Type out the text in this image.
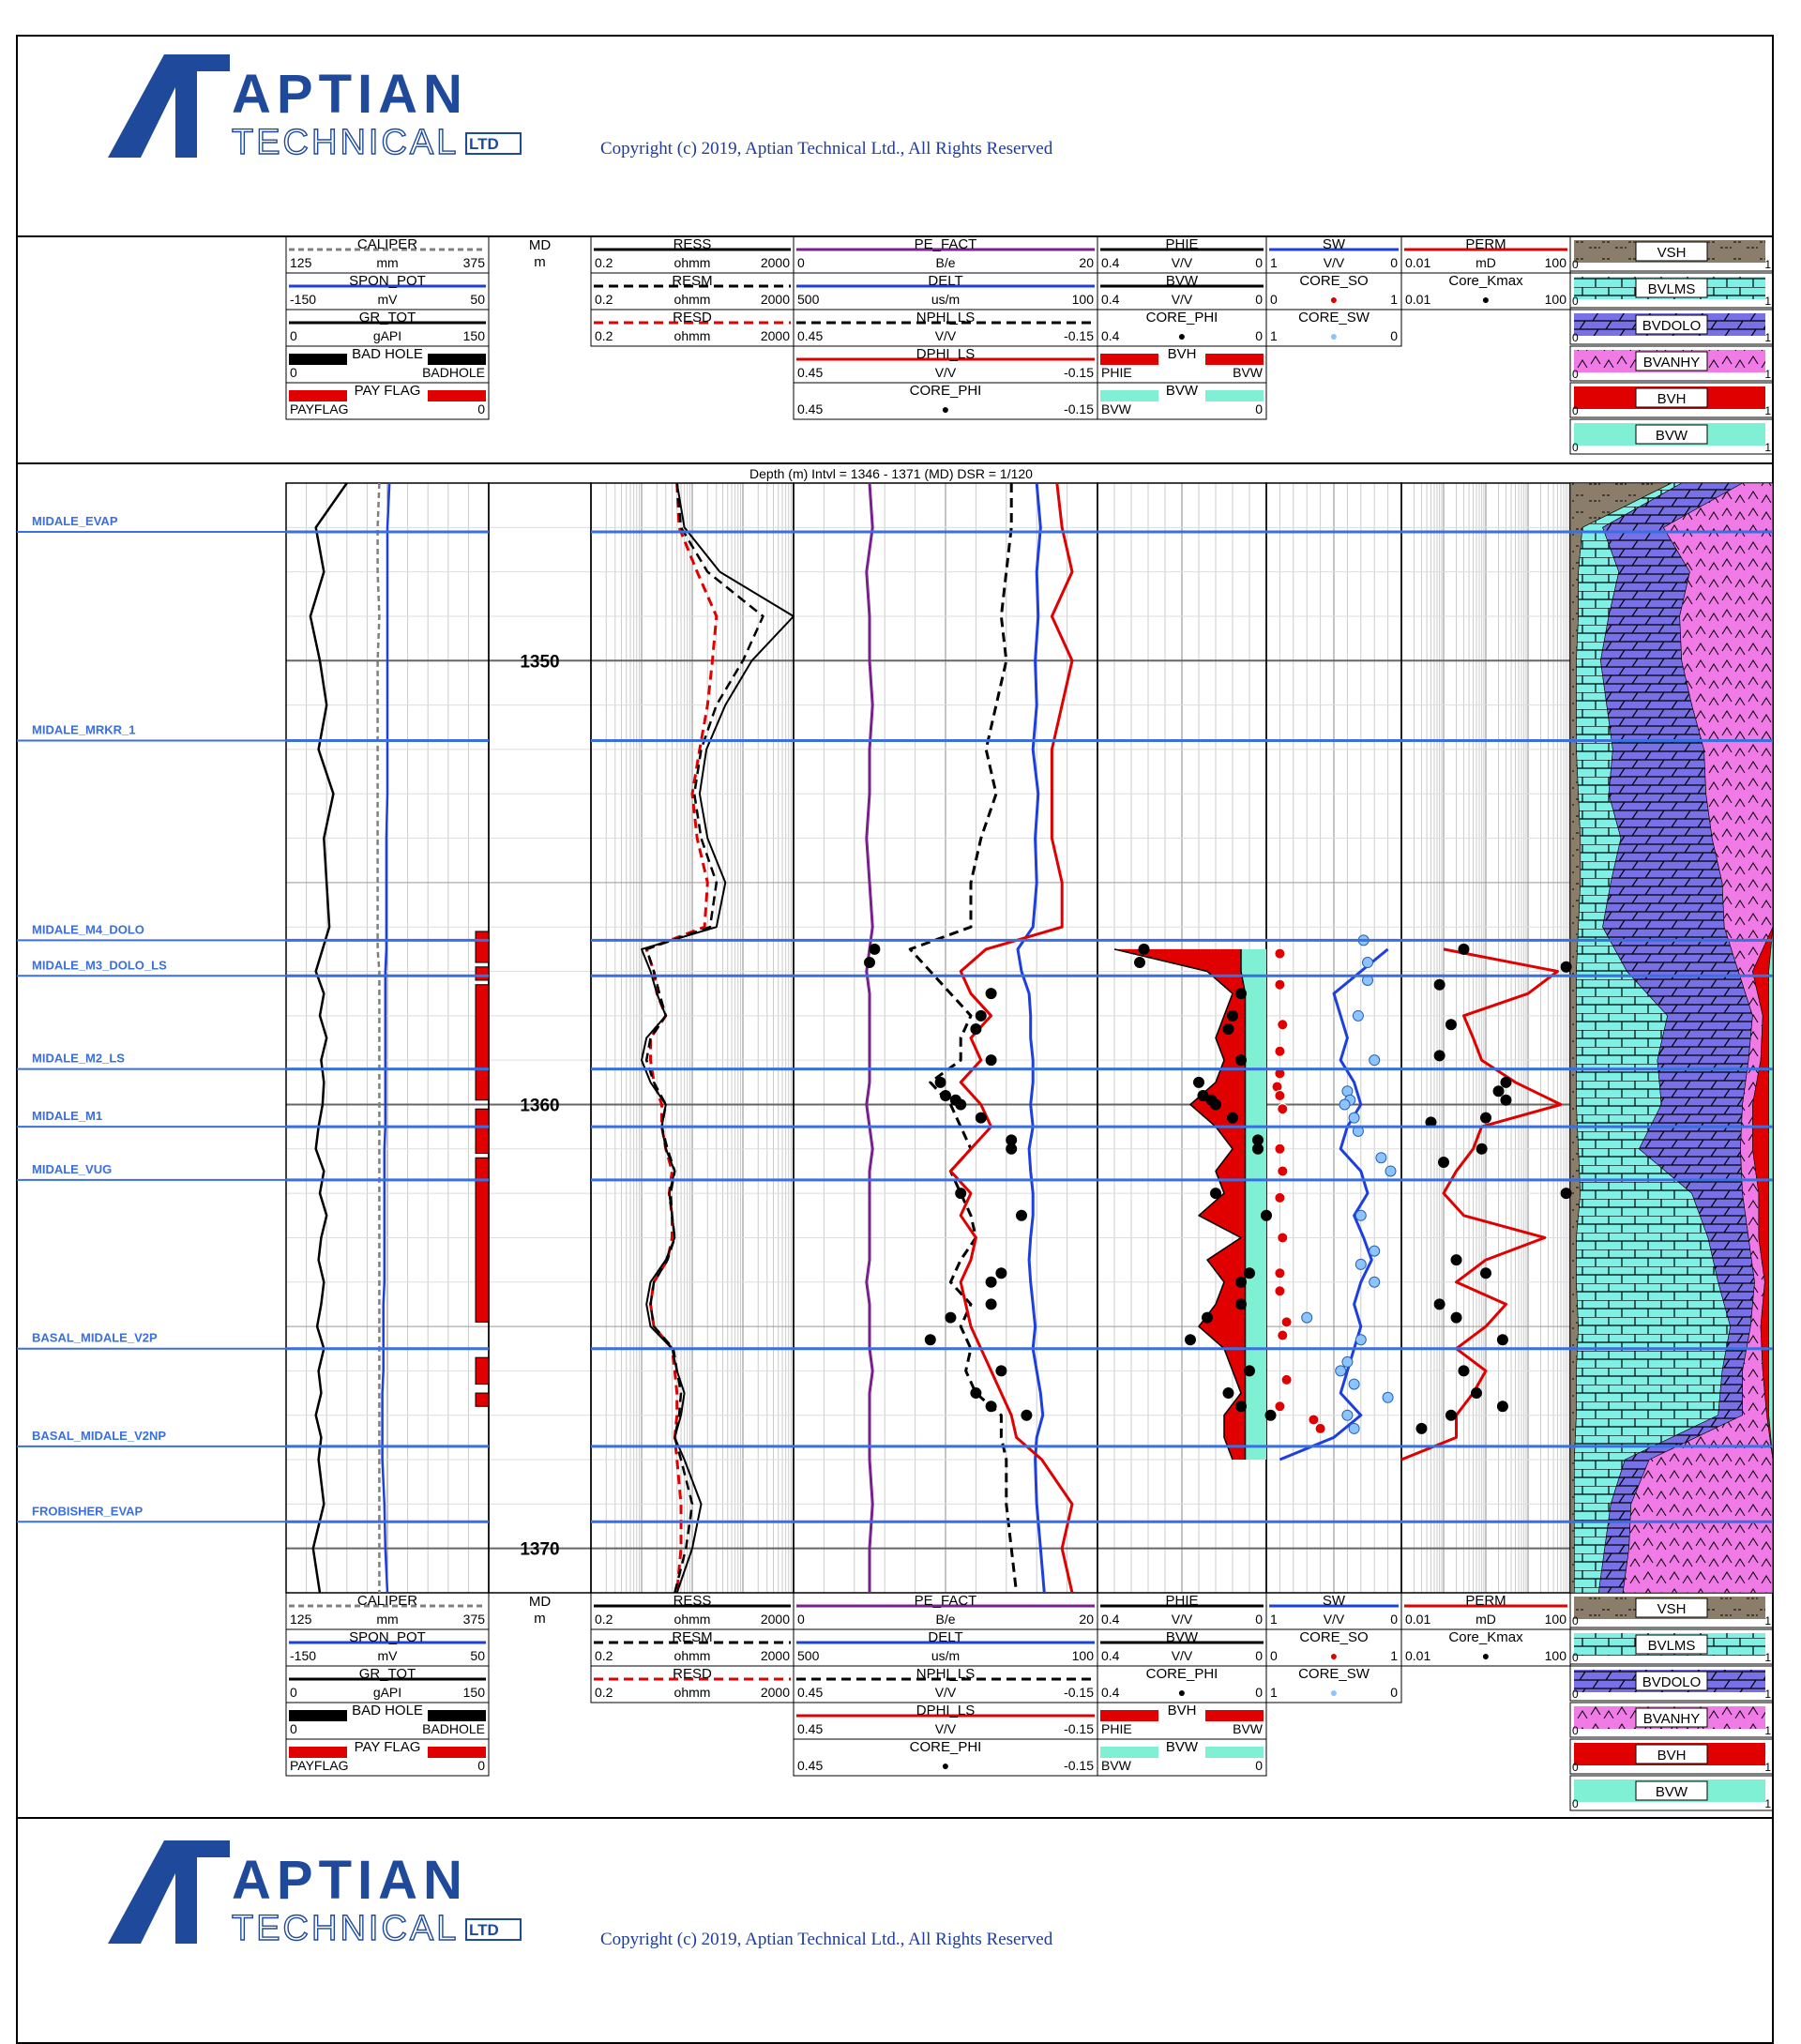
APTIAN
TECHNICAL LTD
APTIAN
TECHNICAL LTD
CALIPER
mm
125	375
SPON_POT
mV
-150	50
GR_TOT
gAPI
0	150
BAD HOLE
0	BADHOLE
PAY FLAG
PAYFLAG	0
RESS
ohmm
0.2	2000
RESM
ohmm
0.2	2000
RESD
ohmm
0.2	2000
PE_FACT
B/e
0	20
DELT
us/m
500	100
NPHI_LS
V/V
0.45	-0.15
DPHI_LS
V/V
0.45	-0.15
CORE_PHI
●
0.45	-0.15
PHIE
V/V
0.4	0
BVW
V/V
0.4	0
CORE_PHI
●
0.4	0
BVH
PHIE	BVW
BVW
BVW	0
SW
V/V
1	0
CORE_SO
●
0	1
CORE_SW
●
1	0
PERM
mD
0.01	100
Core_Kmax
●
0.01	100
MD
m
VSH
0	1
BVLMS
0	1
BVDOLO
0	1
BVANHY
0	1
BVH
0	1
BVW
0	1
CALIPER
mm
125	375
SPON_POT
mV
-150	50
GR_TOT
gAPI
0	150
BAD HOLE
0	BADHOLE
PAY FLAG
PAYFLAG	0
RESS
ohmm
0.2	2000
RESM
ohmm
0.2	2000
RESD
ohmm
0.2	2000
PE_FACT
B/e
0	20
DELT
us/m
500	100
NPHI_LS
V/V
0.45	-0.15
DPHI_LS
V/V
0.45	-0.15
CORE_PHI
●
0.45	-0.15
PHIE
V/V
0.4	0
BVW
V/V
0.4	0
CORE_PHI
●
0.4	0
BVH
PHIE	BVW
BVW
BVW	0
SW
V/V
1	0
CORE_SO
●
0	1
CORE_SW
●
1	0
PERM
mD
0.01	100
Core_Kmax
●
0.01	100
MD
m
VSH
0	1
BVLMS
0	1
BVDOLO
0	1
BVANHY
0	1
BVH
0	1
BVW
0	1
Depth (m) Intvl = 1346 - 1371 (MD) DSR = 1/120
1350
1360
1370
MIDALE_EVAP
MIDALE_MRKR_1
MIDALE_M4_DOLO
MIDALE_M3_DOLO_LS
MIDALE_M2_LS
MIDALE_M1
MIDALE_VUG
BASAL_MIDALE_V2P
BASAL_MIDALE_V2NP
FROBISHER_EVAP
Copyright (c) 2019, Aptian Technical Ltd., All Rights Reserved
Copyright (c) 2019, Aptian Technical Ltd., All Rights Reserved
